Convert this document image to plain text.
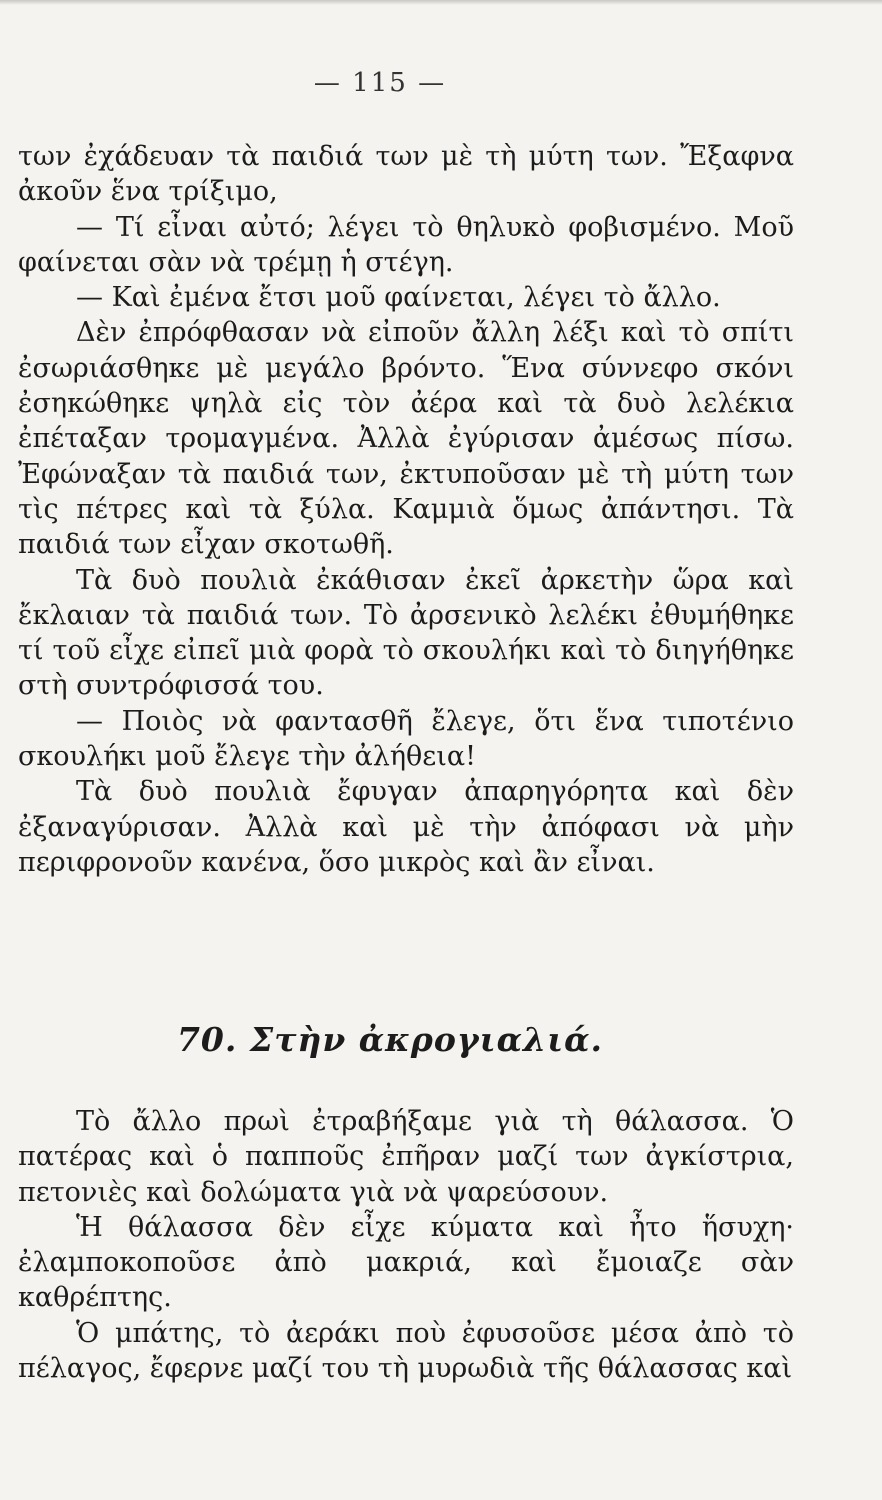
— 115 —

των ἐχάδευαν τὰ παιδιά των μὲ τὴ μύτη των. Ἔξαφνα ἀκοῦν ἕνα τρίξιμο,

— Τί εἶναι αὐτό; λέγει τὸ θηλυκὸ φοβισμένο. Μοῦ φαίνεται σὰν νὰ τρέμῃ ἡ στέγη.

— Καὶ ἐμένα ἔτσι μοῦ φαίνεται, λέγει τὸ ἄλλο.

Δὲν ἐπρόφθασαν νὰ εἰποῦν ἄλλη λέξι καὶ τὸ σπίτι ἐσωριάσθηκε μὲ μεγάλο βρόντο. Ἕνα σύννεφο σκόνι ἐσηκώθηκε ψηλὰ εἰς τὸν ἀέρα καὶ τὰ δυὸ λελέκια ἐπέταξαν τρομαγμένα. Ἀλλὰ ἐγύρισαν ἀμέσως πίσω. Ἐφώναξαν τὰ παιδιά των, ἐκτυποῦσαν μὲ τὴ μύτη των τὶς πέτρες καὶ τὰ ξύλα. Καμμιὰ ὅμως ἀπάντησι. Τὰ παιδιά των εἶχαν σκοτωθῆ.

Τὰ δυὸ πουλιὰ ἐκάθισαν ἐκεῖ ἀρκετὴν ὥρα καὶ ἔκλαιαν τὰ παιδιά των. Τὸ ἀρσενικὸ λελέκι ἐθυμήθηκε τί τοῦ εἶχε εἰπεῖ μιὰ φορὰ τὸ σκουλήκι καὶ τὸ διηγήθηκε στὴ συντρόφισσά του.

— Ποιὸς νὰ φαντασθῆ ἔλεγε, ὅτι ἕνα τιποτένιο σκουλήκι μοῦ ἔλεγε τὴν ἀλήθεια!

Τὰ δυὸ πουλιὰ ἔφυγαν ἀπαρηγόρητα καὶ δὲν ἐξαναγύρισαν. Ἀλλὰ καὶ μὲ τὴν ἀπόφασι νὰ μὴν περιφρονοῦν κανένα, ὅσο μικρὸς καὶ ἂν εἶναι.

70. Στὴν ἀκρογιαλιά.

Τὸ ἄλλο πρωὶ ἐτραβήξαμε γιὰ τὴ θάλασσα. Ὁ πατέρας καὶ ὁ παπποῦς ἐπῆραν μαζί των ἀγκίστρια, πετονιὲς καὶ δολώματα γιὰ νὰ ψαρεύσουν.

Ἡ θάλασσα δὲν εἶχε κύματα καὶ ἦτο ἥσυχη· ἐλαμποκοποῦσε ἀπὸ μακριά, καὶ ἔμοιαζε σὰν καθρέπτης.

Ὁ μπάτης, τὸ ἀεράκι ποὺ ἐφυσοῦσε μέσα ἀπὸ τὸ πέλαγος, ἔφερνε μαζί του τὴ μυρωδιὰ τῆς θάλασσας καὶ
